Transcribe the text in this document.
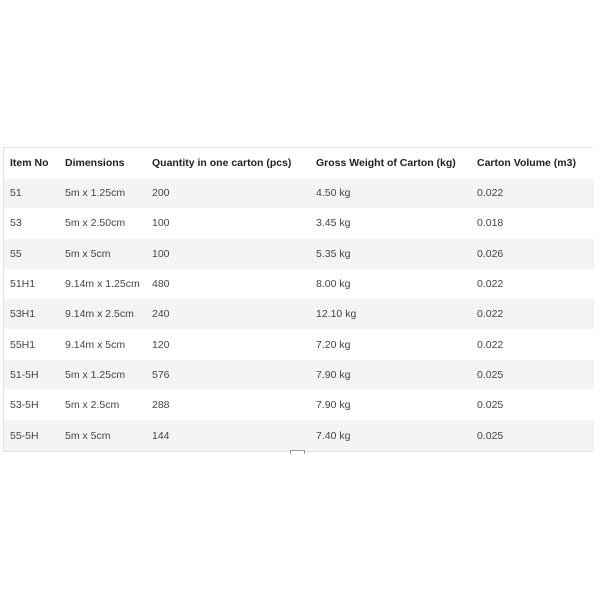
Item No	Dimensions	Quantity in one carton (pcs)	Gross Weight of Carton (kg)	Carton Volume (m3)
51	5m x 1.25cm	200	4.50 kg	0.022
53	5m x 2.50cm	100	3.45 kg	0.018
55	5m x 5cm	100	5.35 kg	0.026
51H1	9.14m x 1.25cm	480	8.00 kg	0.022
53H1	9.14m x 2.5cm	240	12.10 kg	0.022
55H1	9.14m x 5cm	120	7.20 kg	0.022
51-5H	5m x 1.25cm	576	7.90 kg	0.025
53-5H	5m x 2.5cm	288	7.90 kg	0.025
55-5H	5m x 5cm	144	7.40 kg	0.025
